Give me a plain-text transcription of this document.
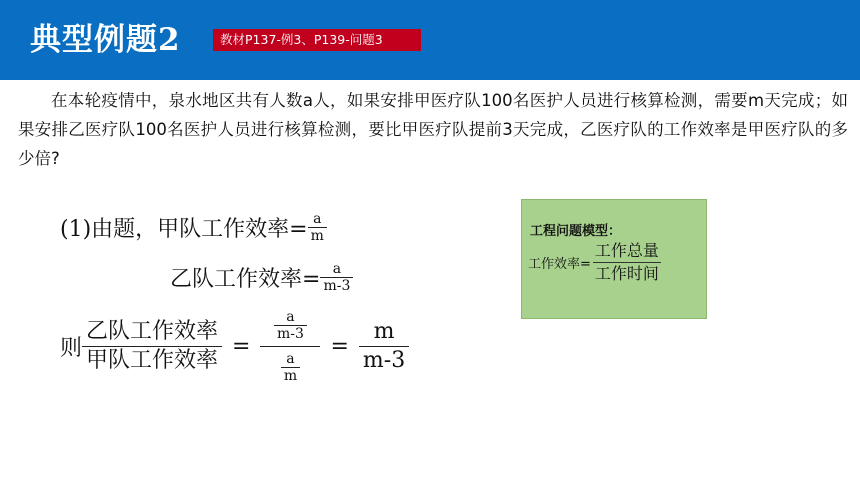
典型例题2	教材P137-例3、P139-问题3
在本轮疫情中，泉水地区共有人数a人，如果安排甲医疗队100名医护人员进行核算检测，需要m天完成；如果安排乙医疗队100名医护人员进行核算检测，要比甲医疗队提前3天完成，乙医疗队的工作效率是甲医疗队的多少倍?
(1)由题，甲队工作效率= $\frac{a}{m}$
乙队工作效率= $\frac{a}{m-3}$
则 $\frac{\text{乙队工作效率}}{\text{甲队工作效率}} = \frac{\frac{a}{m-3}}{\frac{a}{m}} = \frac{m}{m-3}$
工程问题模型：
工作效率= $\frac{\text{工作总量}}{\text{工作时间}}$
